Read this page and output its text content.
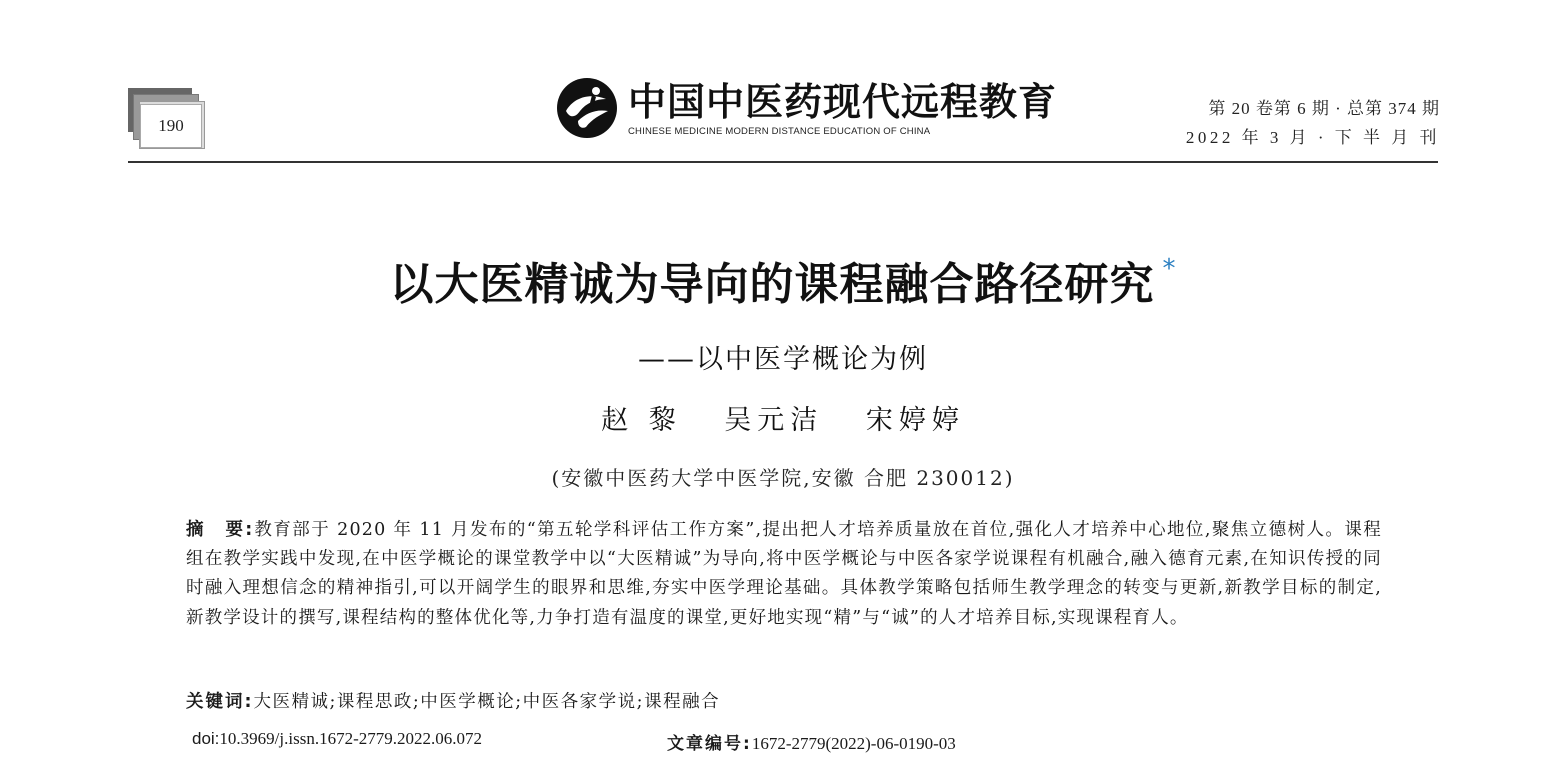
190
中国中医药现代远程教育
CHINESE MEDICINE MODERN DISTANCE EDUCATION OF CHINA
第 20 卷第 6 期 · 总第 374 期
2022 年 3 月 · 下 半 月 刊
以大医精诚为导向的课程融合路径研究 *
——以中医学概论为例
赵 黎 吴元洁 宋婷婷
(安徽中医药大学中医学院,安徽 合肥 230012)
摘　要:教育部于 2020 年 11 月发布的“第五轮学科评估工作方案”,提出把人才培养质量放在首位,强化人才培养中心地位,聚焦立德树人。课程组在教学实践中发现,在中医学概论的课堂教学中以“大医精诚”为导向,将中医学概论与中医各家学说课程有机融合,融入德育元素,在知识传授的同时融入理想信念的精神指引,可以开阔学生的眼界和思维,夯实中医学理论基础。具体教学策略包括师生教学理念的转变与更新,新教学目标的制定,新教学设计的撰写,课程结构的整体优化等,力争打造有温度的课堂,更好地实现“精”与“诚”的人才培养目标,实现课程育人。
关键词:大医精诚;课程思政;中医学概论;中医各家学说;课程融合
doi:10.3969/j.issn.1672-2779.2022.06.072	文章编号:1672-2779(2022)-06-0190-03
